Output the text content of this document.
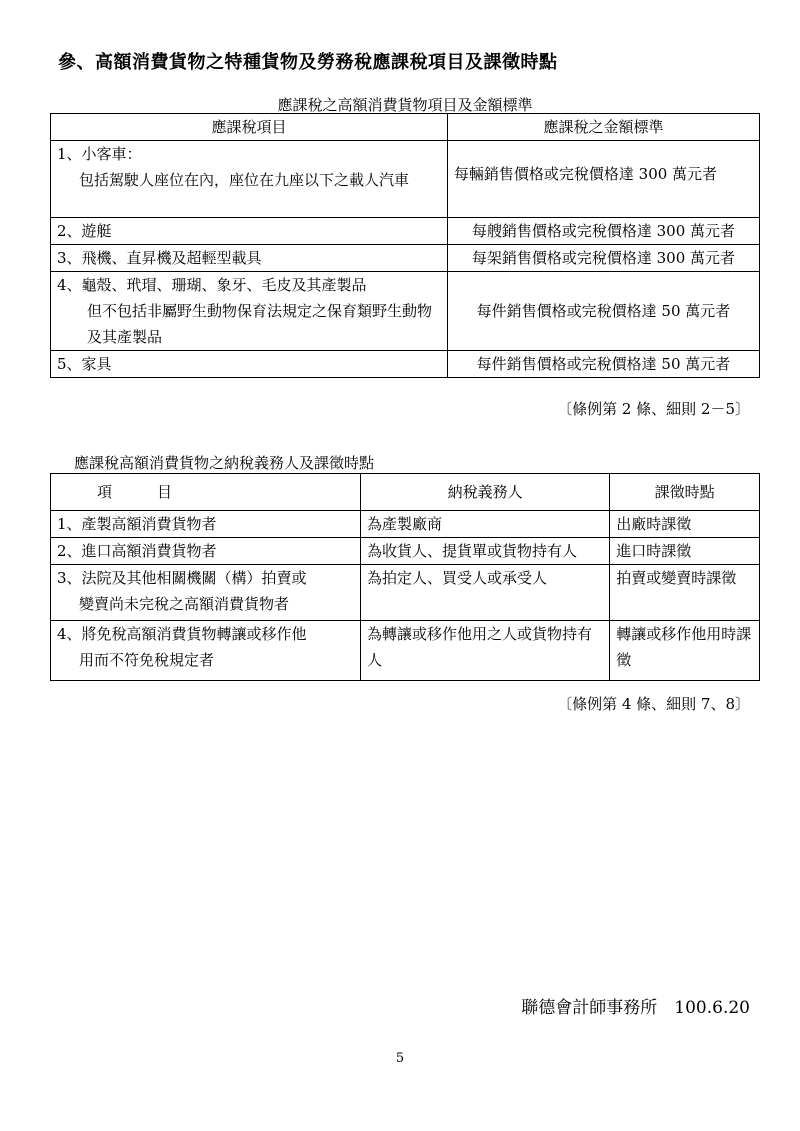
參、高額消費貨物之特種貨物及勞務稅應課稅項目及課徵時點
應課稅之高額消費貨物項目及金額標準
應課稅項目	應課稅之金額標準
1、小客車：
包括駕駛人座位在內，座位在九座以下之載人汽車	每輛銷售價格或完稅價格達 300 萬元者
2、遊艇	每艘銷售價格或完稅價格達 300 萬元者
3、飛機、直昇機及超輕型載具	每架銷售價格或完稅價格達 300 萬元者
4、龜殼、玳瑁、珊瑚、象牙、毛皮及其產製品
但不包括非屬野生動物保育法規定之保育類野生動物及其產製品	每件銷售價格或完稅價格達 50 萬元者
5、家具	每件銷售價格或完稅價格達 50 萬元者
〔條例第 2 條、細則 2－5〕
應課稅高額消費貨物之納稅義務人及課徵時點
項　　　目	納稅義務人	課徵時點
1、產製高額消費貨物者	為產製廠商	出廠時課徵
2、進口高額消費貨物者	為收貨人、提貨單或貨物持有人	進口時課徵
3、法院及其他相關機關（構）拍賣或
變賣尚未完稅之高額消費貨物者	為拍定人、買受人或承受人	拍賣或變賣時課徵
4、將免稅高額消費貨物轉讓或移作他
用而不符免稅規定者	為轉讓或移作他用之人或貨物持有人	轉讓或移作他用時課徵
〔條例第 4 條、細則 7、8〕
聯德會計師事務所　100.6.20
5
